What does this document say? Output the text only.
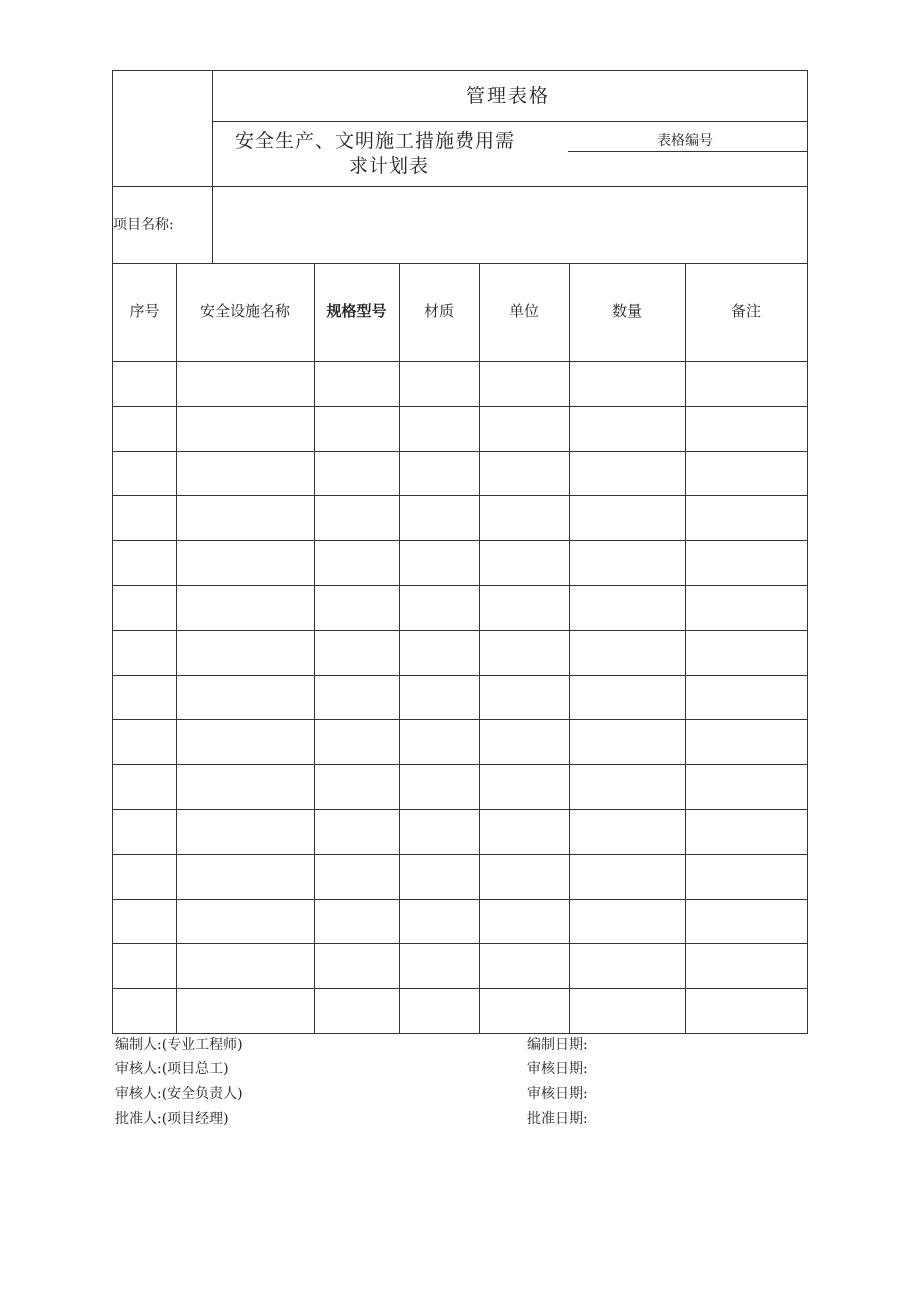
管理表格
安全生产、文明施工措施费用需
求计划表
表格编号
项目名称:
序号	安全设施名称	规格型号	材质	单位	数量	备注
编制人:(专业工程师)	编制日期:
审核人:(项目总工)	审核日期:
审核人:(安全负责人)	审核日期:
批准人:(项目经理)	批准日期:
